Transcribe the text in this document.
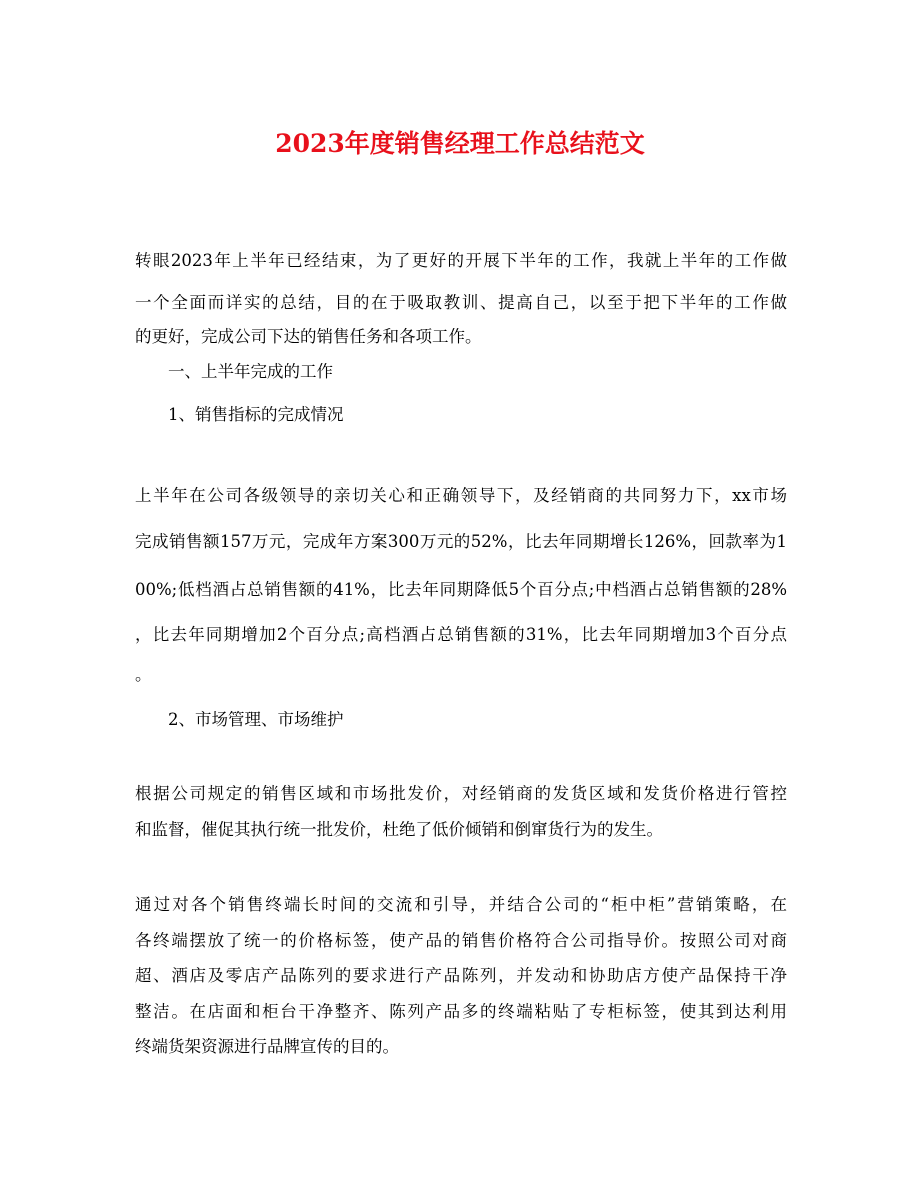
2023年度销售经理工作总结范文
转眼2023年上半年已经结束，为了更好的开展下半年的工作，我就上半年的工作做
一个全面而详实的总结，目的在于吸取教训、提高自己，以至于把下半年的工作做
的更好，完成公司下达的销售任务和各项工作。
一、上半年完成的工作
1、销售指标的完成情况
上半年在公司各级领导的亲切关心和正确领导下，及经销商的共同努力下，xx市场
完成销售额157万元，完成年方案300万元的52%，比去年同期增长126%，回款率为1
00%;低档酒占总销售额的41%，比去年同期降低5个百分点;中档酒占总销售额的28%
，比去年同期增加2个百分点;高档酒占总销售额的31%，比去年同期增加3个百分点
。
2、市场管理、市场维护
根据公司规定的销售区域和市场批发价，对经销商的发货区域和发货价格进行管控
和监督，催促其执行统一批发价，杜绝了低价倾销和倒窜货行为的发生。
通过对各个销售终端长时间的交流和引导，并结合公司的“柜中柜”营销策略，在
各终端摆放了统一的价格标签，使产品的销售价格符合公司指导价。按照公司对商
超、酒店及零店产品陈列的要求进行产品陈列，并发动和协助店方使产品保持干净
整洁。在店面和柜台干净整齐、陈列产品多的终端粘贴了专柜标签，使其到达利用
终端货架资源进行品牌宣传的目的。
